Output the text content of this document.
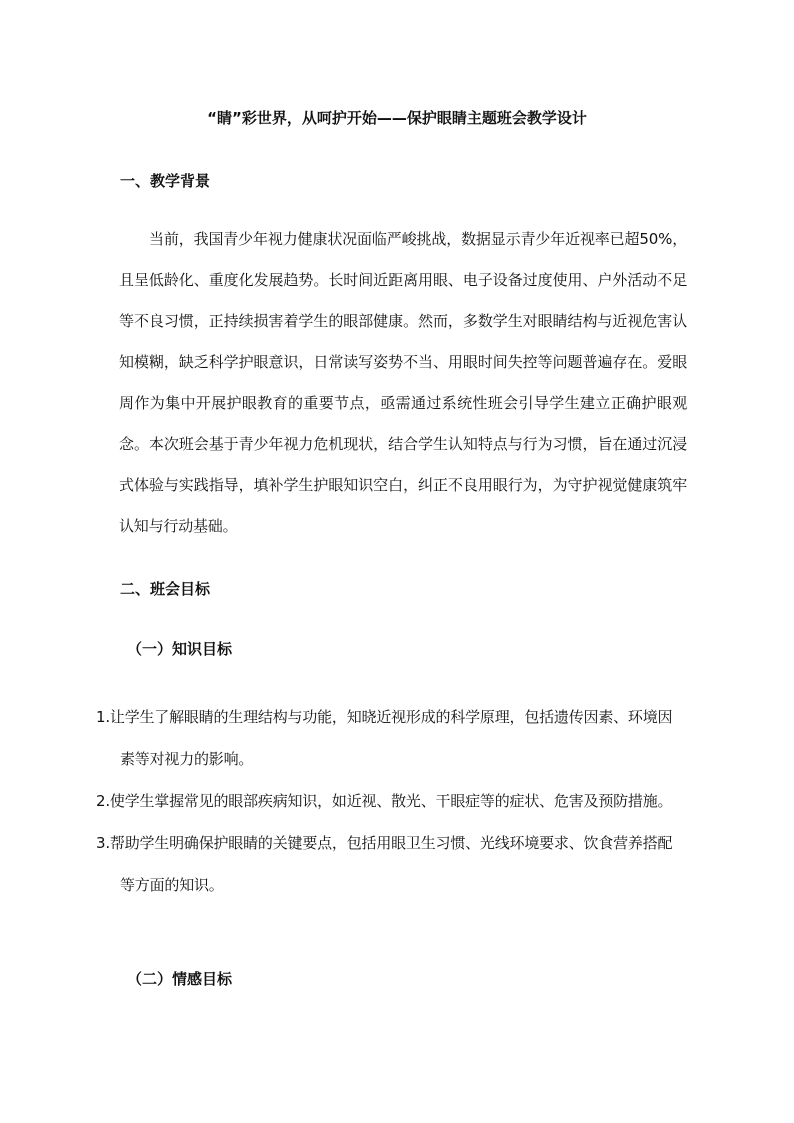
“睛”彩世界，从呵护开始——保护眼睛主题班会教学设计
一、教学背景

当前，我国青少年视力健康状况面临严峻挑战，数据显示青少年近视率已超50%，且呈低龄化、重度化发展趋势。长时间近距离用眼、电子设备过度使用、户外活动不足等不良习惯，正持续损害着学生的眼部健康。然而，多数学生对眼睛结构与近视危害认知模糊，缺乏科学护眼意识，日常读写姿势不当、用眼时间失控等问题普遍存在。爱眼周作为集中开展护眼教育的重要节点，亟需通过系统性班会引导学生建立正确护眼观念。本次班会基于青少年视力危机现状，结合学生认知特点与行为习惯，旨在通过沉浸式体验与实践指导，填补学生护眼知识空白，纠正不良用眼行为，为守护视觉健康筑牢认知与行动基础。

二、班会目标
（一）知识目标
1.让学生了解眼睛的生理结构与功能，知晓近视形成的科学原理，包括遗传因素、环境因素等对视力的影响。
2.使学生掌握常见的眼部疾病知识，如近视、散光、干眼症等的症状、危害及预防措施。
3.帮助学生明确保护眼睛的关键要点，包括用眼卫生习惯、光线环境要求、饮食营养搭配等方面的知识。
（二）情感目标
